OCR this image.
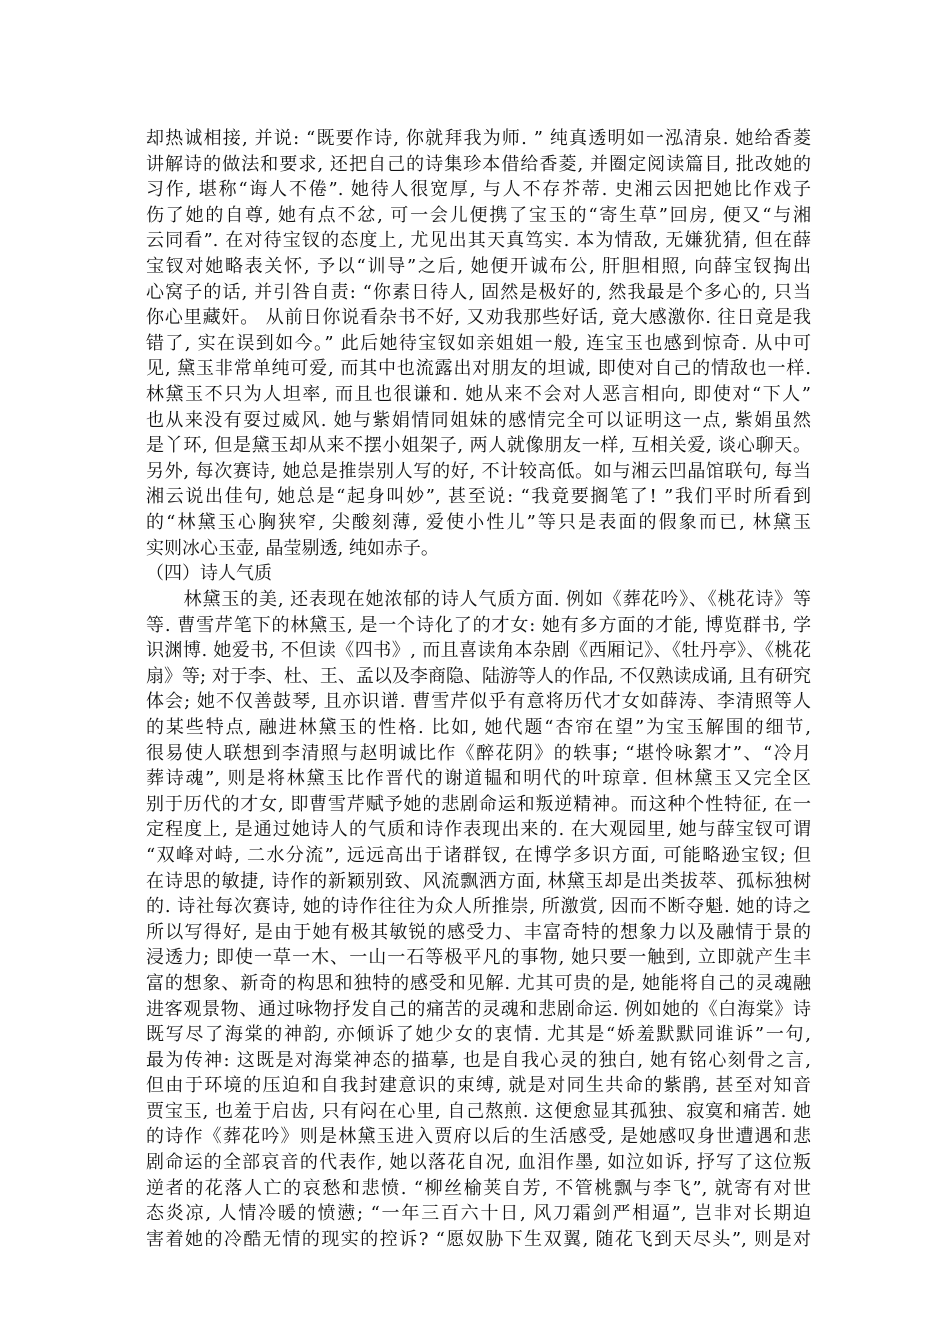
却热诚相接, 并说: “既要作诗, 你就拜我为师. ” 纯真透明如一泓清泉. 她给香菱
讲解诗的做法和要求, 还把自己的诗集珍本借给香菱, 并圈定阅读篇目, 批改她的
习作, 堪称“诲人不倦”. 她待人很宽厚, 与人不存芥蒂. 史湘云因把她比作戏子
伤了她的自尊, 她有点不忿, 可一会儿便携了宝玉的“寄生草”回房, 便又“与湘
云同看”. 在对待宝钗的态度上, 尤见出其天真笃实. 本为情敌, 无嫌犹猜, 但在薛
宝钗对她略表关怀, 予以“训导”之后, 她便开诚布公, 肝胆相照, 向薛宝钗掏出
心窝子的话, 并引咎自责: “你素日待人, 固然是极好的, 然我最是个多心的, 只当
你心里藏奸。 从前日你说看杂书不好, 又劝我那些好话, 竟大感激你. 往日竟是我
错了, 实在误到如今。” 此后她待宝钗如亲姐姐一般, 连宝玉也感到惊奇. 从中可
见, 黛玉非常单纯可爱, 而其中也流露出对朋友的坦诚, 即使对自己的情敌也一样.
林黛玉不只为人坦率, 而且也很谦和. 她从来不会对人恶言相向, 即使对“下人”
也从来没有耍过威风. 她与紫娟情同姐妹的感情完全可以证明这一点, 紫娟虽然
是丫环, 但是黛玉却从来不摆小姐架子, 两人就像朋友一样, 互相关爱, 谈心聊天。
另外, 每次赛诗, 她总是推崇别人写的好, 不计较高低。如与湘云凹晶馆联句, 每当
湘云说出佳句, 她总是“起身叫妙”, 甚至说: “我竟要搁笔了! ”我们平时所看到
的“林黛玉心胸狭窄, 尖酸刻薄, 爱使小性儿”等只是表面的假象而已, 林黛玉
实则冰心玉壶, 晶莹剔透, 纯如赤子。
（四）诗人气质
　　林黛玉的美, 还表现在她浓郁的诗人气质方面. 例如《葬花吟》、《桃花诗》等
等. 曹雪芹笔下的林黛玉, 是一个诗化了的才女: 她有多方面的才能, 博览群书, 学
识渊博. 她爱书, 不但读《四书》, 而且喜读角本杂剧《西厢记》、《牡丹亭》、《桃花
扇》等; 对于李、杜、王、孟以及李商隐、陆游等人的作品, 不仅熟读成诵, 且有研究
体会; 她不仅善鼓琴, 且亦识谱. 曹雪芹似乎有意将历代才女如薛涛、李清照等人
的某些特点, 融进林黛玉的性格. 比如, 她代题“杏帘在望”为宝玉解围的细节,
很易使人联想到李清照与赵明诚比作《醉花阴》的轶事; “堪怜咏絮才”、“冷月
葬诗魂”, 则是将林黛玉比作晋代的谢道韫和明代的叶琼章. 但林黛玉又完全区
别于历代的才女, 即曹雪芹赋予她的悲剧命运和叛逆精神。而这种个性特征, 在一
定程度上, 是通过她诗人的气质和诗作表现出来的. 在大观园里, 她与薛宝钗可谓
“双峰对峙, 二水分流”, 远远高出于诸群钗, 在博学多识方面, 可能略逊宝钗; 但
在诗思的敏捷, 诗作的新颖别致、风流飘洒方面, 林黛玉却是出类拔萃、孤标独树
的. 诗社每次赛诗, 她的诗作往往为众人所推崇, 所激赏, 因而不断夺魁. 她的诗之
所以写得好, 是由于她有极其敏锐的感受力、丰富奇特的想象力以及融情于景的
浸透力; 即使一草一木、一山一石等极平凡的事物, 她只要一触到, 立即就产生丰
富的想象、新奇的构思和独特的感受和见解. 尤其可贵的是, 她能将自己的灵魂融
进客观景物、通过咏物抒发自己的痛苦的灵魂和悲剧命运. 例如她的《白海棠》诗
既写尽了海棠的神韵, 亦倾诉了她少女的衷情. 尤其是“娇羞默默同谁诉”一句,
最为传神: 这既是对海棠神态的描摹, 也是自我心灵的独白, 她有铭心刻骨之言,
但由于环境的压迫和自我封建意识的束缚, 就是对同生共命的紫鹃, 甚至对知音
贾宝玉, 也羞于启齿, 只有闷在心里, 自己熬煎. 这便愈显其孤独、寂寞和痛苦. 她
的诗作《葬花吟》则是林黛玉进入贾府以后的生活感受, 是她感叹身世遭遇和悲
剧命运的全部哀音的代表作, 她以落花自况, 血泪作墨, 如泣如诉, 抒写了这位叛
逆者的花落人亡的哀愁和悲愤. “柳丝榆荚自芳, 不管桃飘与李飞”, 就寄有对世
态炎凉, 人情冷暖的愤懑; “一年三百六十日, 风刀霜剑严相逼”, 岂非对长期迫
害着她的冷酷无情的现实的控诉? “愿奴胁下生双翼, 随花飞到天尽头”, 则是对
